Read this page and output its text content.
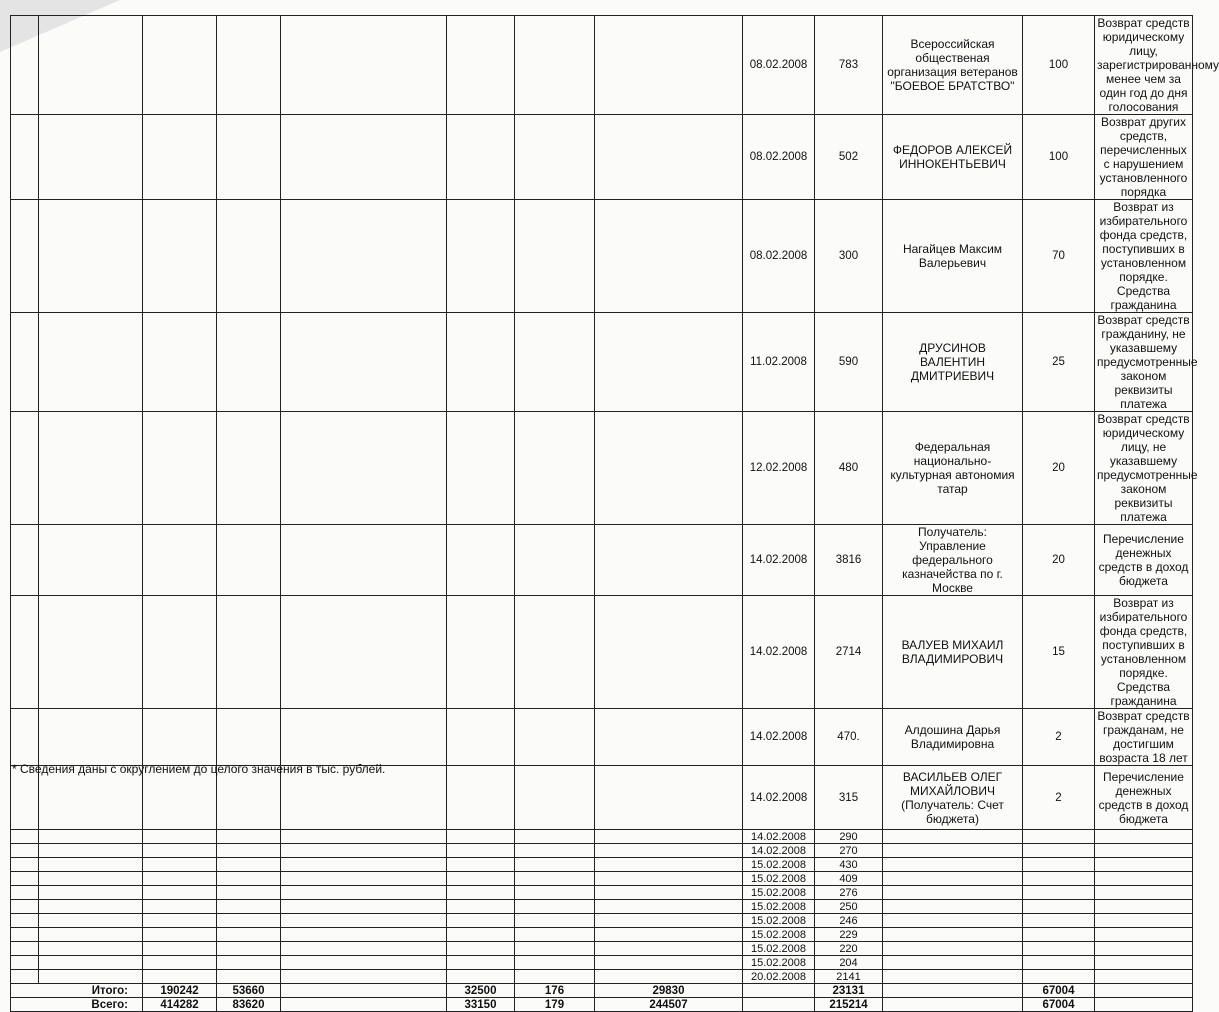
								08.02.2008	783	Всероссийская общественая организация ветеранов "БОЕВОЕ БРАТСТВО"	100	Возврат средств юридическому лицу, зарегистрированному менее чем за один год до дня голосования
								08.02.2008	502	ФЕДОРОВ АЛЕКСЕЙ ИННОКЕНТЬЕВИЧ	100	Возврат других средств, перечисленных с нарушением установленного порядка
								08.02.2008	300	Нагайцев Максим Валерьевич	70	Возврат из избирательного фонда средств, поступивших в установленном порядке. Средства гражданина
								11.02.2008	590	ДРУСИНОВ ВАЛЕНТИН ДМИТРИЕВИЧ	25	Возврат средств гражданину, не указавшему предусмотренные законом реквизиты платежа
								12.02.2008	480	Федеральная национально-культурная автономия татар	20	Возврат средств юридическому лицу, не указавшему предусмотренные законом реквизиты платежа
								14.02.2008	3816	Получатель: Управление федерального казначейства по г. Москве	20	Перечисление денежных средств в доход бюджета
								14.02.2008	2714	ВАЛУЕВ МИХАИЛ ВЛАДИМИРОВИЧ	15	Возврат из избирательного фонда средств, поступивших в установленном порядке. Средства гражданина
								14.02.2008	470.	Алдошина Дарья Владимировна	2	Возврат средств гражданам, не достигшим возраста 18 лет
								14.02.2008	315	ВАСИЛЬЕВ ОЛЕГ МИХАЙЛОВИЧ (Получатель: Счет бюджета)	2	Перечисление денежных средств в доход бюджета
								14.02.2008	290			
								14.02.2008	270			
								15.02.2008	430			
								15.02.2008	409			
								15.02.2008	276			
								15.02.2008	250			
								15.02.2008	246			
								15.02.2008	229			
								15.02.2008	220			
								15.02.2008	204			
								20.02.2008	2141			
Итого:		190242	53660		32500	176	29830		23131		67004	
Всего:		414282	83620		33150	179	244507		215214		67004	
* Сведения даны с округлением до целого значения в тыс. рублей.
